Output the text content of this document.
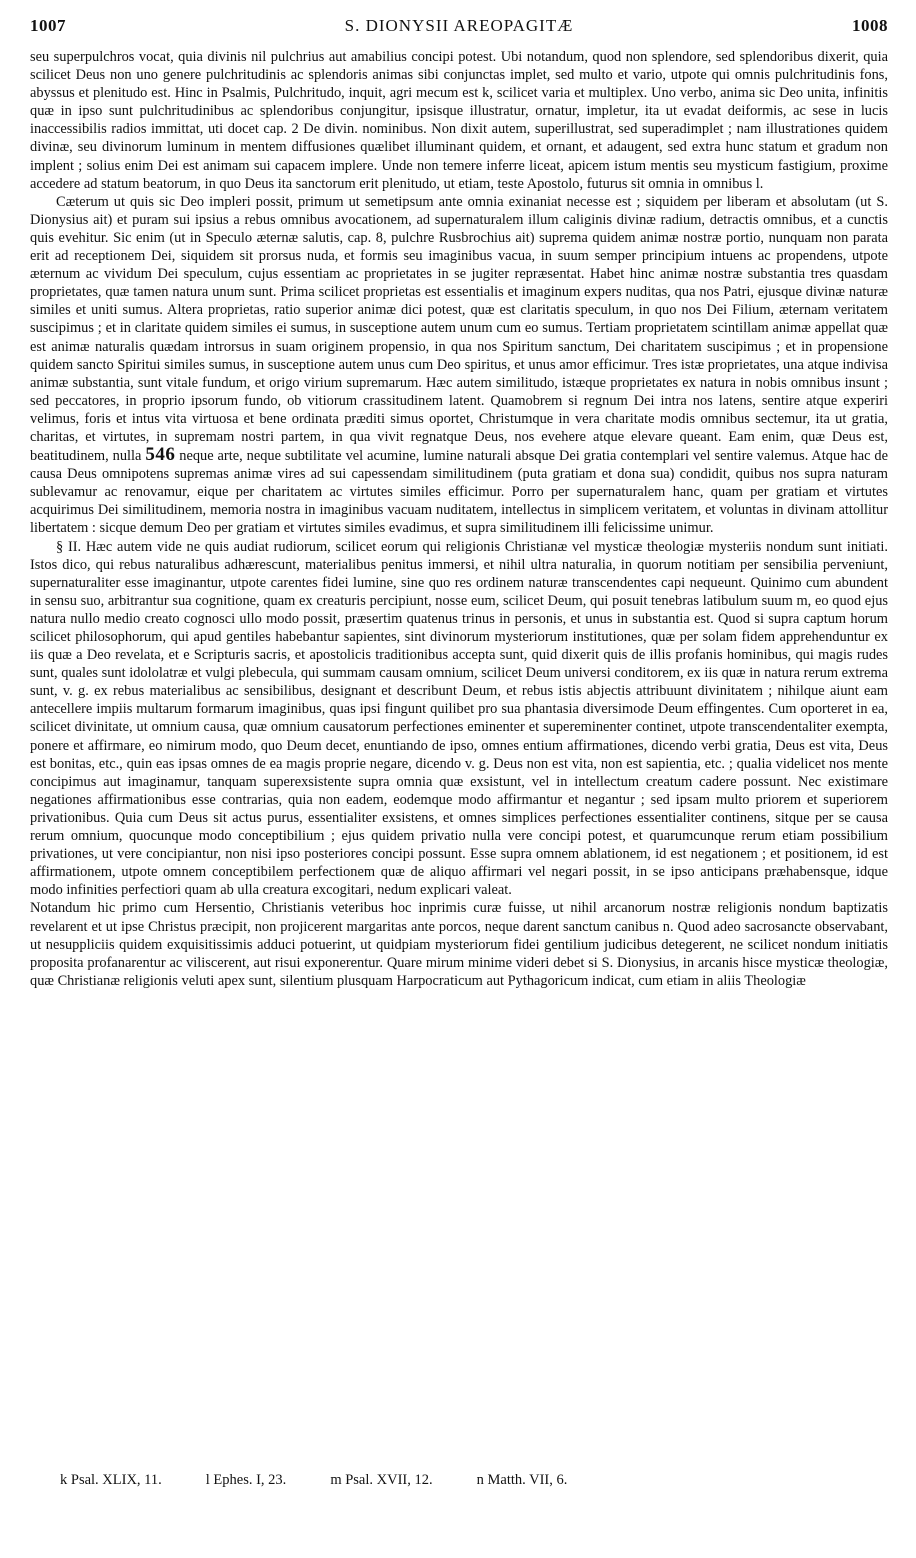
1007	S. DIONYSII AREOPAGITÆ	1008

seu superpulchros vocat, quia divinis nil pulchrius aut amabilius concipi potest. Ubi notandum, quod non splendore, sed splendoribus dixerit, quia scilicet Deus non uno genere pulchritudinis ac splendoris animas sibi conjunctas implet, sed multo et vario, utpote qui omnis pulchritudinis fons, abyssus et plenitudo est. Hinc in Psalmis, Pulchritudo, inquit, agri mecum est k, scilicet varia et multiplex. Uno verbo, anima sic Deo unita, infinitis quæ in ipso sunt pulchritudinibus ac splendoribus conjungitur, ipsisque illustratur, ornatur, impletur, ita ut evadat deiformis, ac sese in lucis inaccessibilis radios immittat, uti docet cap. 2 De divin. nominibus. Non dixit autem, superillustrat, sed superadimplet ; nam illustrationes quidem divinæ, seu divinorum luminum in mentem diffusiones quælibet illuminant quidem, et ornant, et adaugent, sed extra hunc statum et gradum non implent ; solius enim Dei est animam sui capacem implere. Unde non temere inferre liceat, apicem istum mentis seu mysticum fastigium, proxime accedere ad statum beatorum, in quo Deus ita sanctorum erit plenitudo, ut etiam, teste Apostolo, futurus sit omnia in omnibus l.

Cæterum ut quis sic Deo impleri possit, primum ut semetipsum ante omnia exinaniat necesse est ; siquidem per liberam et absolutam (ut S. Dionysius ait) et puram sui ipsius a rebus omnibus avocationem, ad supernaturalem illum caliginis divinæ radium, detractis omnibus, et a cunctis quis evehitur. Sic enim (ut in Speculo æternæ salutis, cap. 8, pulchre Rusbrochius ait) suprema quidem animæ nostræ portio, nunquam non parata erit ad receptionem Dei, siquidem sit prorsus nuda, et formis seu imaginibus vacua, in suum semper principium intuens ac propendens, utpote æternum ac vividum Dei speculum, cujus essentiam ac proprietates in se jugiter repræsentat. Habet hinc animæ nostræ substantia tres quasdam proprietates, quæ tamen natura unum sunt. Prima scilicet proprietas est essentialis et imaginum expers nuditas, qua nos Patri, ejusque divinæ naturæ similes et uniti sumus. Altera proprietas, ratio superior animæ dici potest, quæ est claritatis speculum, in quo nos Dei Filium, æternam veritatem suscipimus ; et in claritate quidem similes ei sumus, in susceptione autem unum cum eo sumus. Tertiam proprietatem scintillam animæ appellat quæ est animæ naturalis quædam introrsus in suam originem propensio, in qua nos Spiritum sanctum, Dei charitatem suscipimus ; et in propensione quidem sancto Spiritui similes sumus, in susceptione autem unus cum Deo spiritus, et unus amor efficimur. Tres istæ proprietates, una atque indivisa animæ substantia, sunt vitale fundum, et origo virium supremarum. Hæc autem similitudo, istæque proprietates ex natura in nobis omnibus insunt ; sed peccatores, in proprio ipsorum fundo, ob vitiorum crassitudinem latent. Quamobrem si regnum Dei intra nos latens, sentire atque experiri velimus, foris et intus vita virtuosa et bene ordinata præditi simus oportet, Christumque in vera charitate modis omnibus sectemur, ita ut gratia, charitas, et virtutes, in supremam nostri partem, in qua vivit regnatque Deus, nos evehere atque elevare queant. Eam enim, quæ Deus est, beatitudinem, nulla 546 neque arte, neque subtilitate vel acumine, lumine naturali absque Dei gratia contemplari vel sentire valemus. Atque hac de causa Deus omnipotens supremas animæ vires ad sui capessendam similitudinem (puta gratiam et dona sua) condidit, quibus nos supra naturam sublevamur ac renovamur, eique per charitatem ac virtutes similes efficimur. Porro per supernaturalem hanc, quam per gratiam et virtutes acquirimus Dei similitudinem, memoria nostra in imaginibus vacuam nuditatem, intellectus in simplicem veritatem, et voluntas in divinam attollitur libertatem : sicque demum Deo per gratiam et virtutes similes evadimus, et supra similitudinem illi felicissime unimur.

§ II. Hæc autem vide ne quis audiat rudiorum, scilicet eorum qui religionis Christianæ vel mysticæ theologiæ mysteriis nondum sunt initiati. Istos dico, qui rebus naturalibus adhærescunt, materialibus penitus immersi, et nihil ultra naturalia, in quorum notitiam per sensibilia perveniunt, supernaturaliter esse imaginantur, utpote carentes fidei lumine, sine quo res ordinem naturæ transcendentes capi nequeunt. Quinimo cum abundent in sensu suo, arbitrantur sua cognitione, quam ex creaturis percipiunt, nosse eum, scilicet Deum, qui posuit tenebras latibulum suum m, eo quod ejus natura nullo medio creato cognosci ullo modo possit, præsertim quatenus trinus in personis, et unus in substantia est. Quod si supra captum horum scilicet philosophorum, qui apud gentiles habebantur sapientes, sint divinorum mysteriorum institutiones, quæ per solam fidem apprehenduntur ex iis quæ a Deo revelata, et e Scripturis sacris, et apostolicis traditionibus accepta sunt, quid dixerit quis de illis profanis hominibus, qui magis rudes sunt, quales sunt idololatræ et vulgi plebecula, qui summam causam omnium, scilicet Deum universi conditorem, ex iis quæ in natura rerum extrema sunt, v. g. ex rebus materialibus ac sensibilibus, designant et describunt Deum, et rebus istis abjectis attribuunt divinitatem ; nihilque aiunt eam antecellere impiis multarum formarum imaginibus, quas ipsi fingunt quilibet pro sua phantasia diversimode Deum effingentes. Cum oporteret in ea, scilicet divinitate, ut omnium causa, quæ omnium causatorum perfectiones eminenter et supereminenter continet, utpote transcendentaliter exempta, ponere et affirmare, eo nimirum modo, quo Deum decet, enuntiando de ipso, omnes entium affirmationes, dicendo verbi gratia, Deus est vita, Deus est bonitas, etc., quin eas ipsas omnes de ea magis proprie negare, dicendo v. g. Deus non est vita, non est sapientia, etc. ; qualia videlicet nos mente concipimus aut imaginamur, tanquam superexsistente supra omnia quæ exsistunt, vel in intellectum creatum cadere possunt. Nec existimare negationes affirmationibus esse contrarias, quia non eadem, eodemque modo affirmantur et negantur ; sed ipsam multo priorem et superiorem privationibus. Quia cum Deus sit actus purus, essentialiter exsistens, et omnes simplices perfectiones essentialiter continens, sitque per se causa rerum omnium, quocunque modo conceptibilium ; ejus quidem privatio nulla vere concipi potest, et quarumcunque rerum etiam possibilium privationes, ut vere concipiantur, non nisi ipso posteriores concipi possunt. Esse supra omnem ablationem, id est negationem ; et positionem, id est affirmationem, utpote omnem conceptibilem perfectionem quæ de aliquo affirmari vel negari possit, in se ipso anticipans præhabensque, idque modo infinities perfectiori quam ab ulla creatura excogitari, nedum explicari valeat.

Notandum hic primo cum Hersentio, Christianis veteribus hoc inprimis curæ fuisse, ut nihil arcanorum nostræ religionis nondum baptizatis revelarent et ut ipse Christus præcipit, non projicerent margaritas ante porcos, neque darent sanctum canibus n. Quod adeo sacrosancte observabant, ut nesuppliciis quidem exquisitissimis adduci potuerint, ut quidpiam mysteriorum fidei gentilium judicibus detegerent, ne scilicet nondum initiatis proposita profanarentur ac viliscerent, aut risui exponerentur. Quare mirum minime videri debet si S. Dionysius, in arcanis hisce mysticæ theologiæ, quæ Christianæ religionis veluti apex sunt, silentium plusquam Harpocraticum aut Pythagoricum indicat, cum etiam in aliis Theologiæ

k Psal. XLIX, 11.	l Ephes. I, 23.	m Psal. XVII, 12.	n Matth. VII, 6.
